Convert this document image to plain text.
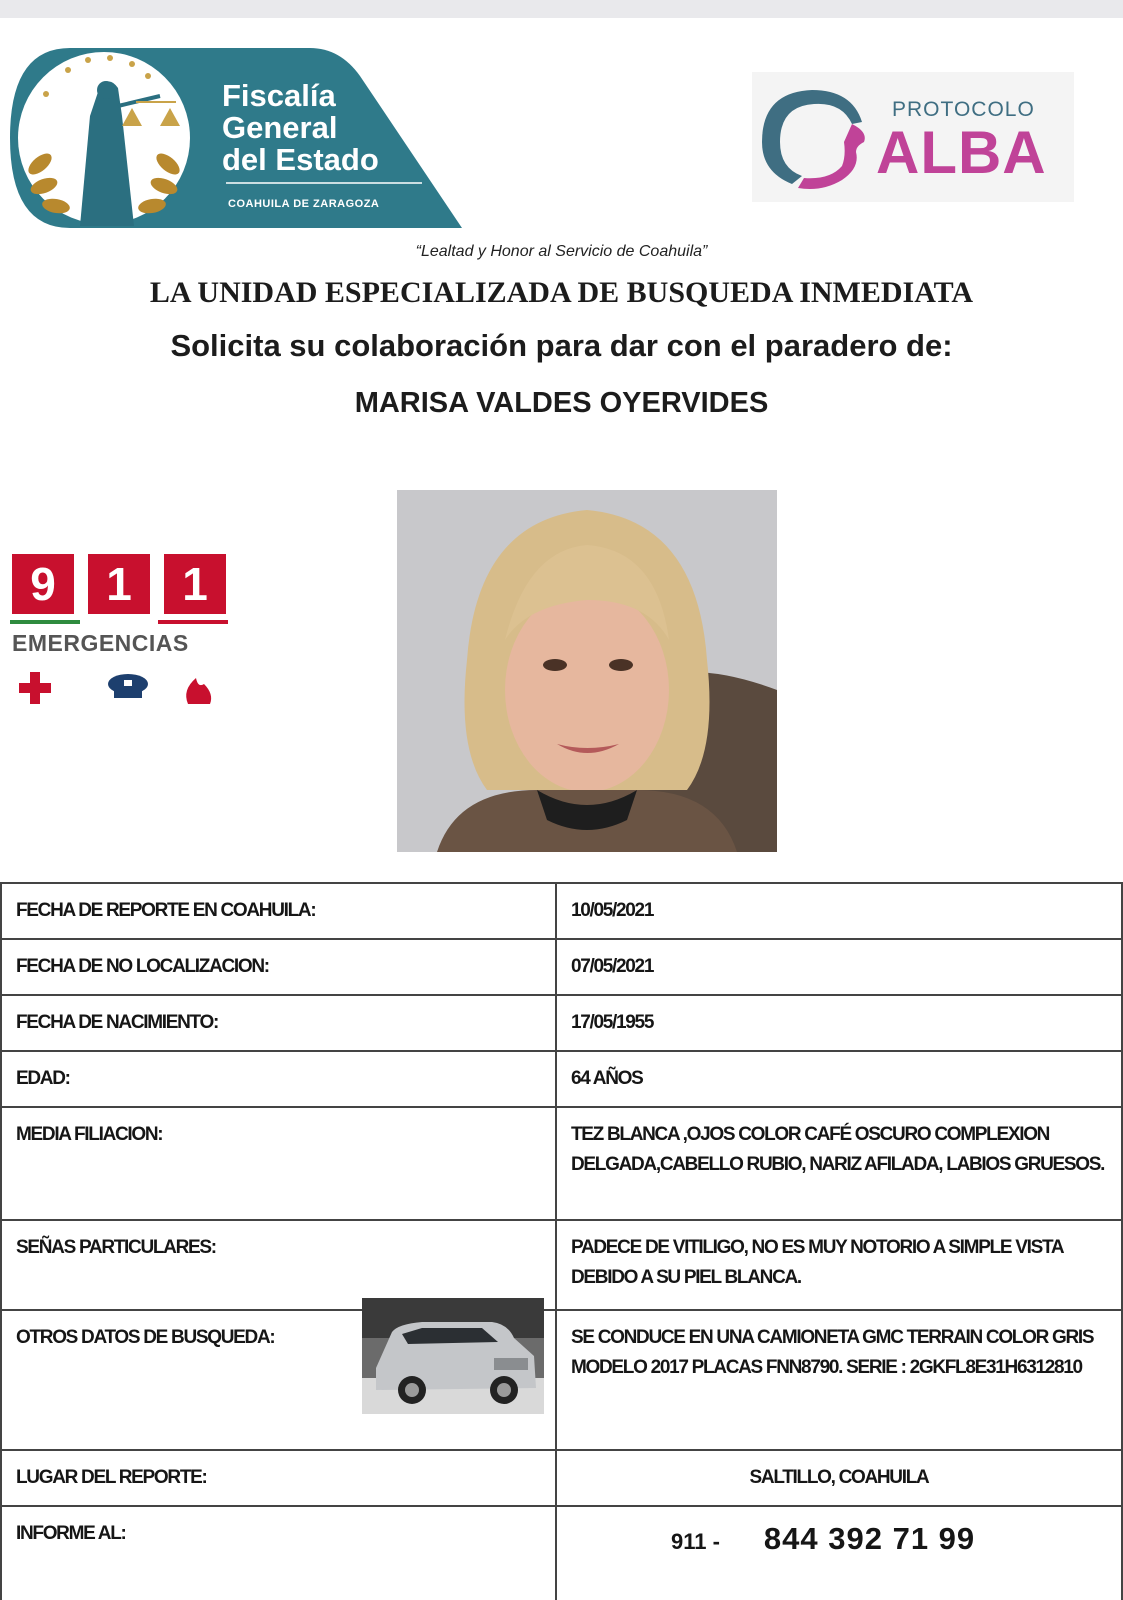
Fiscalía
General
del Estado
COAHUILA DE ZARAGOZA
PROTOCOLO
ALBA
“Lealtad y Honor al Servicio de Coahuila”
LA UNIDAD ESPECIALIZADA DE BUSQUEDA INMEDIATA
Solicita su colaboración para dar con el paradero de:
MARISA VALDES OYERVIDES
9	1	1
EMERGENCIAS
FECHA DE REPORTE EN COAHUILA:	10/05/2021
FECHA DE NO LOCALIZACION:	07/05/2021
FECHA DE NACIMIENTO:	17/05/1955
EDAD:	64 AÑOS
MEDIA FILIACION:	TEZ BLANCA ,OJOS COLOR CAFÉ OSCURO COMPLEXION DELGADA,CABELLO RUBIO, NARIZ AFILADA, LABIOS GRUESOS.
SEÑAS PARTICULARES:	PADECE DE VITILIGO, NO ES MUY NOTORIO A SIMPLE VISTA DEBIDO A SU PIEL BLANCA.
OTROS DATOS DE BUSQUEDA:	SE CONDUCE EN UNA CAMIONETA GMC TERRAIN COLOR GRIS MODELO 2017 PLACAS FNN8790. SERIE : 2GKFL8E31H6312810
LUGAR DEL REPORTE:	SALTILLO, COAHUILA
INFORME AL:	911 - 844 392 71 99
